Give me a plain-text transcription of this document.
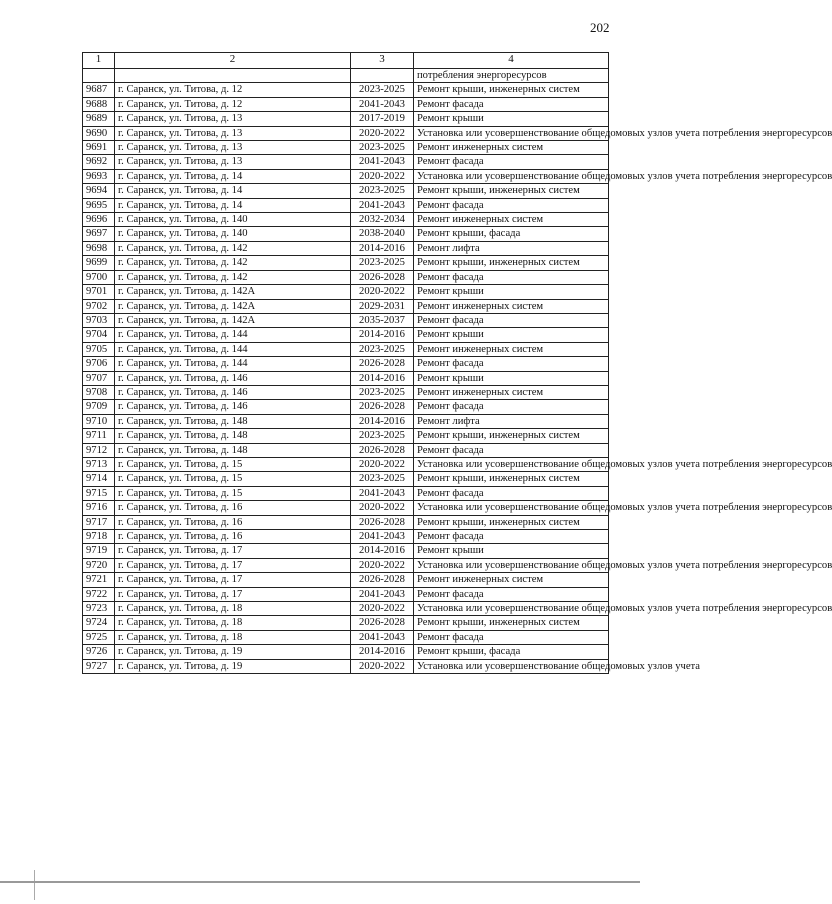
202
1	2	3	4
			потребления энергоресурсов
9687	г. Саранск, ул. Титова, д. 12	2023-2025	Ремонт крыши, инженерных систем
9688	г. Саранск, ул. Титова, д. 12	2041-2043	Ремонт фасада
9689	г. Саранск, ул. Титова, д. 13	2017-2019	Ремонт крыши
9690	г. Саранск, ул. Титова, д. 13	2020-2022	Установка или усовершенствование общедомовых узлов учета потребления энергоресурсов
9691	г. Саранск, ул. Титова, д. 13	2023-2025	Ремонт инженерных систем
9692	г. Саранск, ул. Титова, д. 13	2041-2043	Ремонт фасада
9693	г. Саранск, ул. Титова, д. 14	2020-2022	Установка или усовершенствование общедомовых узлов учета потребления энергоресурсов
9694	г. Саранск, ул. Титова, д. 14	2023-2025	Ремонт крыши, инженерных систем
9695	г. Саранск, ул. Титова, д. 14	2041-2043	Ремонт фасада
9696	г. Саранск, ул. Титова, д. 140	2032-2034	Ремонт инженерных систем
9697	г. Саранск, ул. Титова, д. 140	2038-2040	Ремонт крыши, фасада
9698	г. Саранск, ул. Титова, д. 142	2014-2016	Ремонт лифта
9699	г. Саранск, ул. Титова, д. 142	2023-2025	Ремонт крыши, инженерных систем
9700	г. Саранск, ул. Титова, д. 142	2026-2028	Ремонт фасада
9701	г. Саранск, ул. Титова, д. 142А	2020-2022	Ремонт крыши
9702	г. Саранск, ул. Титова, д. 142А	2029-2031	Ремонт инженерных систем
9703	г. Саранск, ул. Титова, д. 142А	2035-2037	Ремонт фасада
9704	г. Саранск, ул. Титова, д. 144	2014-2016	Ремонт крыши
9705	г. Саранск, ул. Титова, д. 144	2023-2025	Ремонт инженерных систем
9706	г. Саранск, ул. Титова, д. 144	2026-2028	Ремонт фасада
9707	г. Саранск, ул. Титова, д. 146	2014-2016	Ремонт крыши
9708	г. Саранск, ул. Титова, д. 146	2023-2025	Ремонт инженерных систем
9709	г. Саранск, ул. Титова, д. 146	2026-2028	Ремонт фасада
9710	г. Саранск, ул. Титова, д. 148	2014-2016	Ремонт лифта
9711	г. Саранск, ул. Титова, д. 148	2023-2025	Ремонт крыши, инженерных систем
9712	г. Саранск, ул. Титова, д. 148	2026-2028	Ремонт фасада
9713	г. Саранск, ул. Титова, д. 15	2020-2022	Установка или усовершенствование общедомовых узлов учета потребления энергоресурсов
9714	г. Саранск, ул. Титова, д. 15	2023-2025	Ремонт крыши, инженерных систем
9715	г. Саранск, ул. Титова, д. 15	2041-2043	Ремонт фасада
9716	г. Саранск, ул. Титова, д. 16	2020-2022	Установка или усовершенствование общедомовых узлов учета потребления энергоресурсов
9717	г. Саранск, ул. Титова, д. 16	2026-2028	Ремонт крыши, инженерных систем
9718	г. Саранск, ул. Титова, д. 16	2041-2043	Ремонт фасада
9719	г. Саранск, ул. Титова, д. 17	2014-2016	Ремонт крыши
9720	г. Саранск, ул. Титова, д. 17	2020-2022	Установка или усовершенствование общедомовых узлов учета потребления энергоресурсов
9721	г. Саранск, ул. Титова, д. 17	2026-2028	Ремонт инженерных систем
9722	г. Саранск, ул. Титова, д. 17	2041-2043	Ремонт фасада
9723	г. Саранск, ул. Титова, д. 18	2020-2022	Установка или усовершенствование общедомовых узлов учета потребления энергоресурсов
9724	г. Саранск, ул. Титова, д. 18	2026-2028	Ремонт крыши, инженерных систем
9725	г. Саранск, ул. Титова, д. 18	2041-2043	Ремонт фасада
9726	г. Саранск, ул. Титова, д. 19	2014-2016	Ремонт крыши, фасада
9727	г. Саранск, ул. Титова, д. 19	2020-2022	Установка или усовершенствование общедомовых узлов учета
